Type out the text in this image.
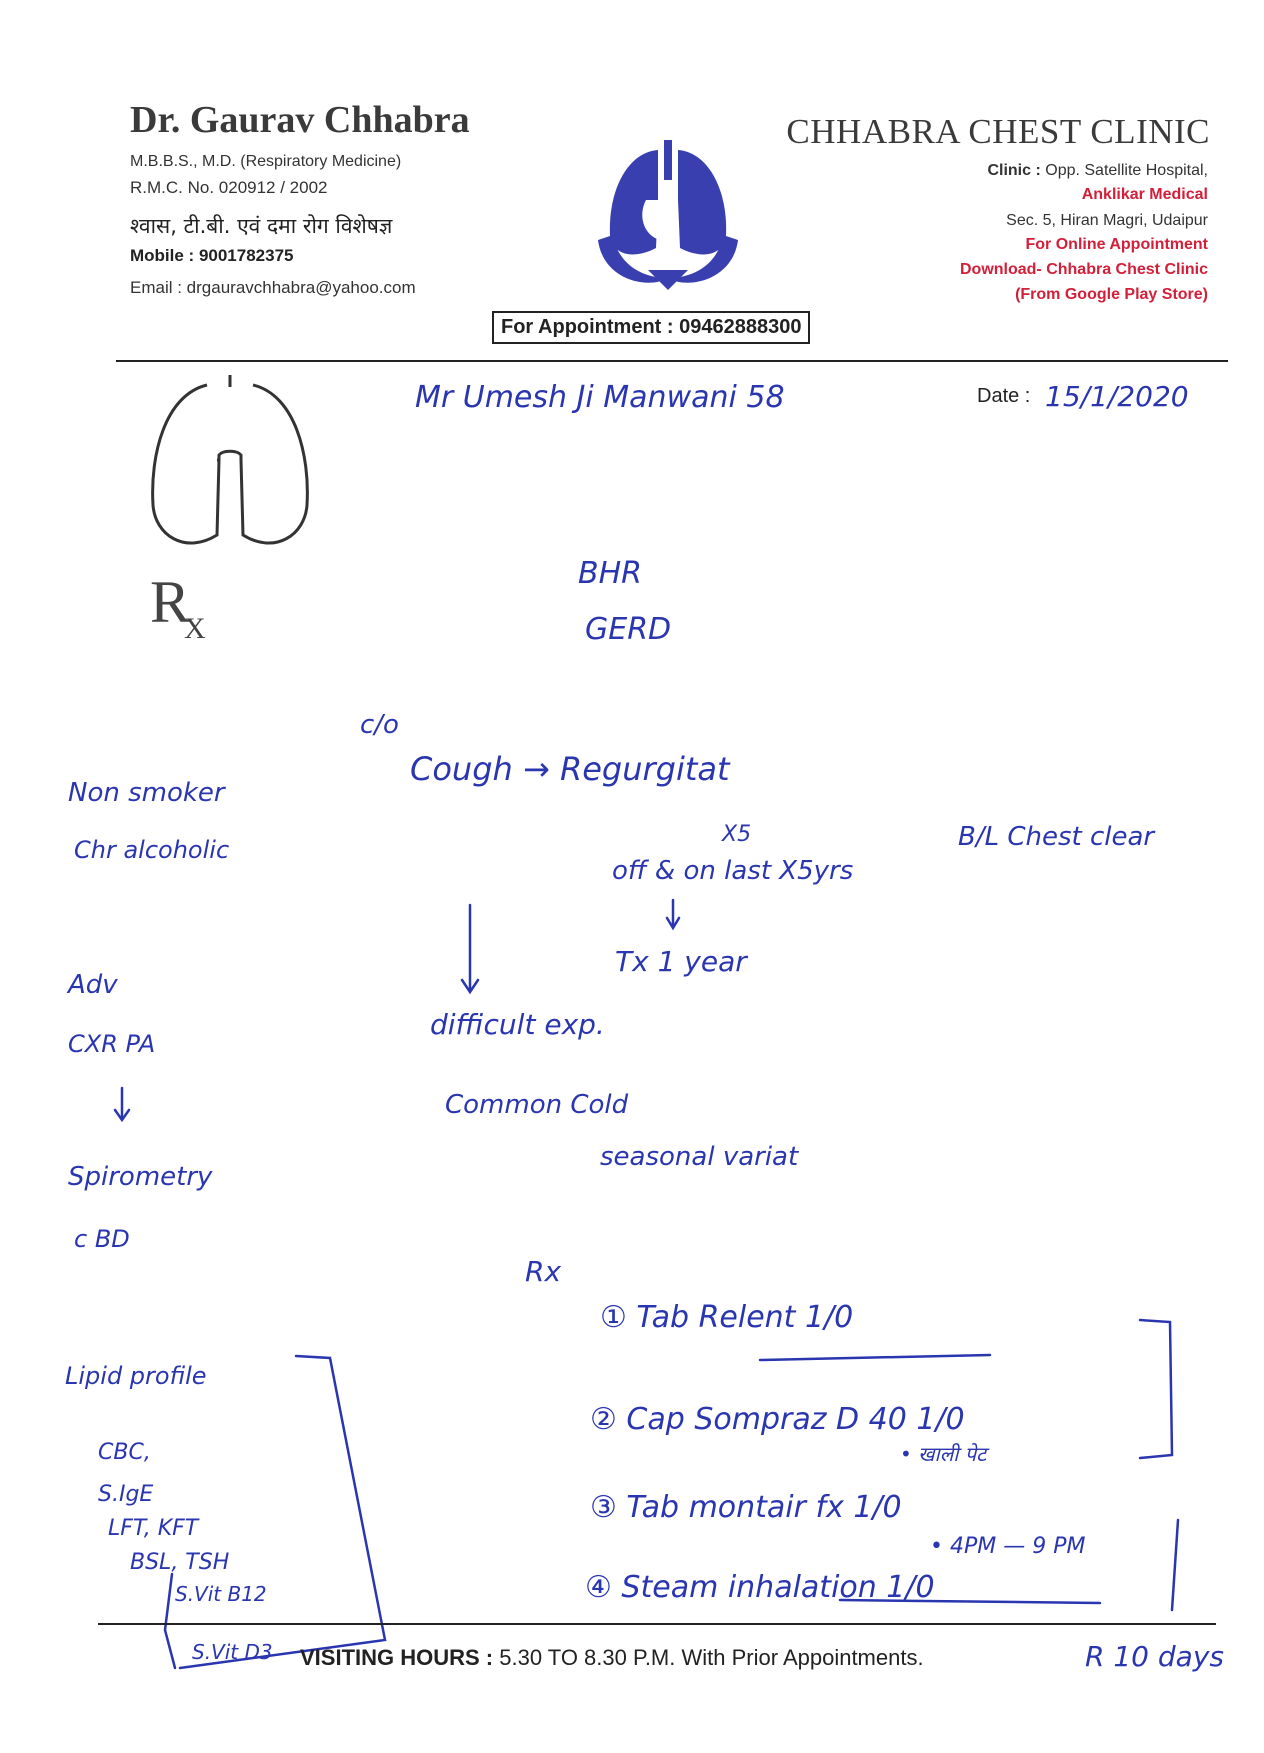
Dr. Gaurav Chhabra
M.B.B.S., M.D. (Respiratory Medicine)
R.M.C. No. 020912 / 2002
श्वास, टी.बी. एवं दमा रोग विशेषज्ञ
Mobile : 9001782375
Email : drgauravchhabra@yahoo.com
CHHABRA CHEST CLINIC
Clinic : Opp. Satellite Hospital,
Anklikar Medical
Sec. 5, Hiran Magri, Udaipur
For Online Appointment
Download- Chhabra Chest Clinic
(From Google Play Store)
For Appointment : 09462888300
R
X
Date :
Mr Umesh Ji Manwani 58	15/1/2020
BHR
GERD
c/o
Cough → Regurgitat
X5
off & on last X5yrs
B/L Chest clear
Tx 1 year
Non smoker
Chr alcoholic
Adv
CXR PA
Spirometry
c BD
difficult exp.
Common Cold
seasonal variat
Rx
① Tab Relent 1/0
② Cap Sompraz D 40 1/0
• खाली पेट
③ Tab montair fx 1/0
• 4PM — 9 PM
④ Steam inhalation 1/0
Lipid profile
CBC,
S.IgE
LFT, KFT
BSL, TSH
S.Vit B12
S.Vit D3	R 10 days
VISITING HOURS : 5.30 TO 8.30 P.M. With Prior Appointments.
